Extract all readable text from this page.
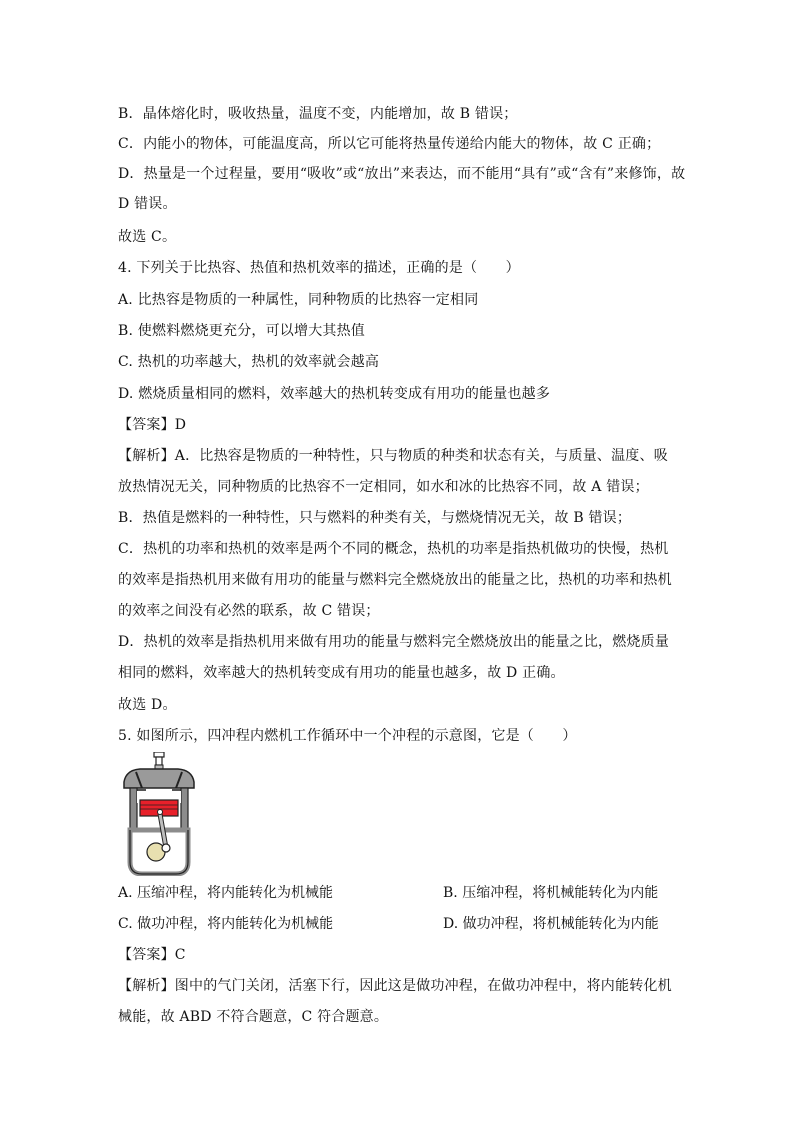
B．晶体熔化时，吸收热量，温度不变，内能增加，故 B 错误；
C．内能小的物体，可能温度高，所以它可能将热量传递给内能大的物体，故 C 正确；
D．热量是一个过程量，要用“吸收”或“放出”来表达，而不能用“具有”或“含有”来修饰，故
D 错误。
故选 C。
4. 下列关于比热容、热值和热机效率的描述，正确的是（　　）
A. 比热容是物质的一种属性，同种物质的比热容一定相同
B. 使燃料燃烧更充分，可以增大其热值
C. 热机的功率越大，热机的效率就会越高
D. 燃烧质量相同的燃料，效率越大的热机转变成有用功的能量也越多
【答案】D
【解析】A．比热容是物质的一种特性，只与物质的种类和状态有关，与质量、温度、吸
放热情况无关，同种物质的比热容不一定相同，如水和冰的比热容不同，故 A 错误；
B．热值是燃料的一种特性，只与燃料的种类有关，与燃烧情况无关，故 B 错误；
C．热机的功率和热机的效率是两个不同的概念，热机的功率是指热机做功的快慢，热机
的效率是指热机用来做有用功的能量与燃料完全燃烧放出的能量之比，热机的功率和热机
的效率之间没有必然的联系，故 C 错误；
D．热机的效率是指热机用来做有用功的能量与燃料完全燃烧放出的能量之比，燃烧质量
相同的燃料，效率越大的热机转变成有用功的能量也越多，故 D 正确。
故选 D。
5. 如图所示，四冲程内燃机工作循环中一个冲程的示意图，它是（　　）
A. 压缩冲程，将内能转化为机械能	B. 压缩冲程，将机械能转化为内能
C. 做功冲程，将内能转化为机械能	D. 做功冲程，将机械能转化为内能
【答案】C
【解析】图中的气门关闭，活塞下行，因此这是做功冲程，在做功冲程中，将内能转化机
械能，故 ABD 不符合题意，C 符合题意。
